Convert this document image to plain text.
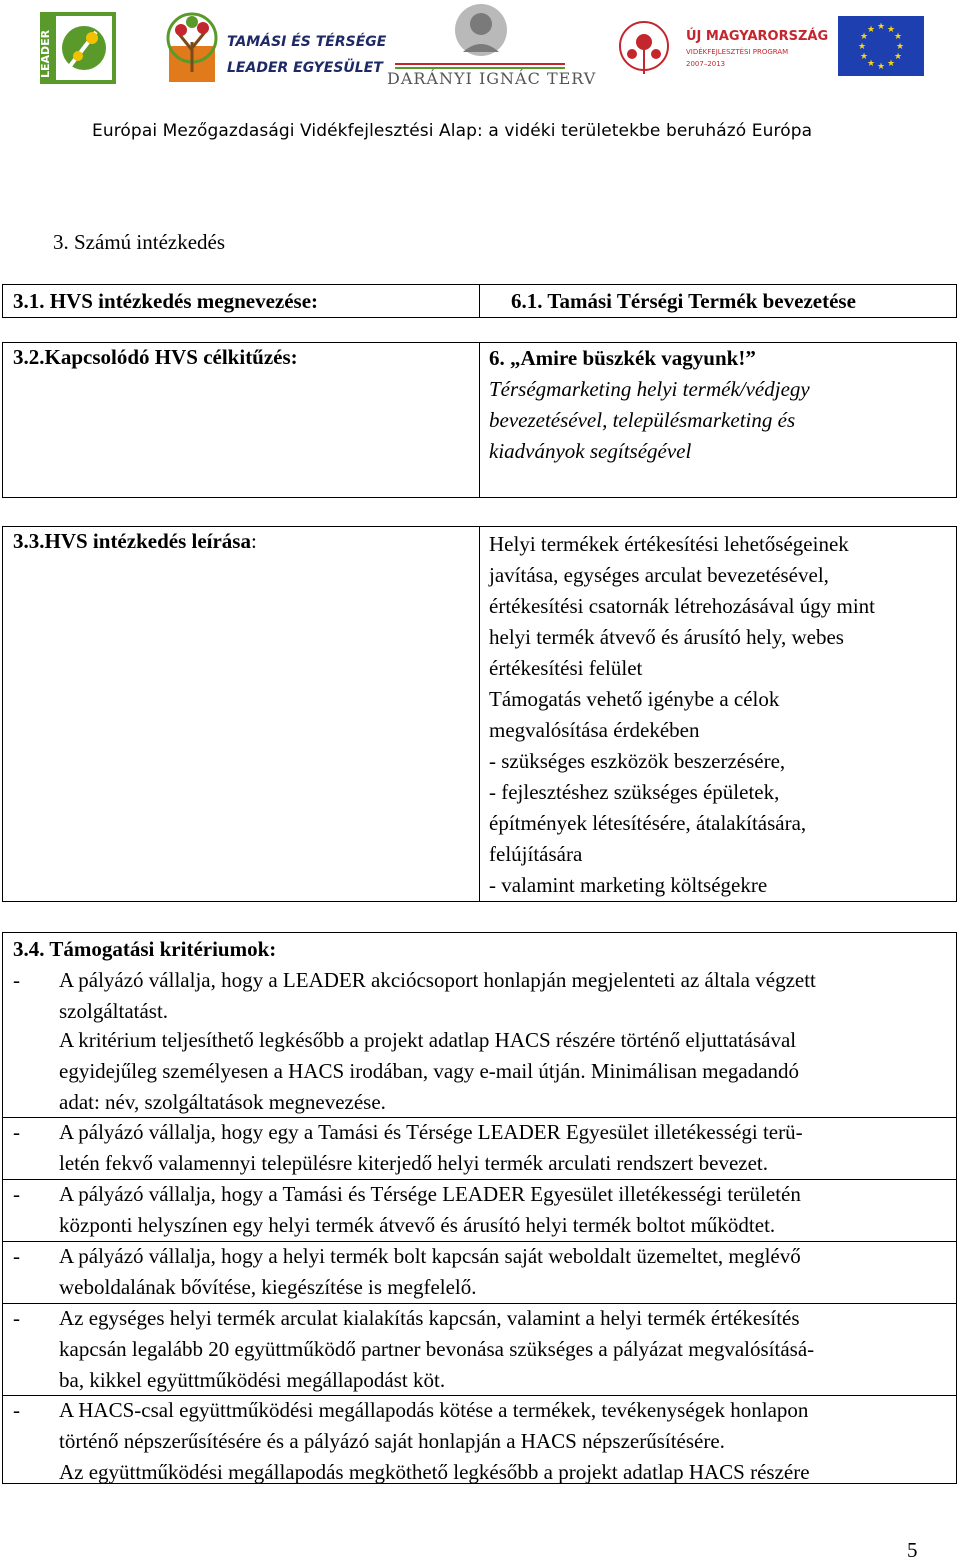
LEADER	TAMÁSI ÉS TÉRSÉGE
LEADER EGYESÜLET
DARÁNYI IGNÁC TERV
ÚJ MAGYARORSZÁG
VIDÉKFEJLESZTÉSI PROGRAM
2007–2013
★ ★
★
★
★
★
★
★
★
★
★
★
Európai Mezőgazdasági Vidékfejlesztési Alap: a vidéki területekbe beruházó Európa
3. Számú intézkedés
3.1. HVS intézkedés megnevezése:	6.1. Tamási Térségi Termék bevezetése
3.2.Kapcsolódó HVS célkitűzés:	6. „Amire büszkék vagyunk!”
Térségmarketing helyi termék/védjegy
bevezetésével, településmarketing és
kiadványok segítségével
3.3.HVS intézkedés leírása:	Helyi termékek értékesítési lehetőségeinek
javítása, egységes arculat bevezetésével,
értékesítési csatornák létrehozásával úgy mint
helyi termék átvevő és árusító hely, webes
értékesítési felület
Támogatás vehető igénybe a célok
megvalósítása érdekében
- szükséges eszközök beszerzésére,
- fejlesztéshez szükséges épületek,
építmények létesítésére, átalakítására,
felújítására
- valamint marketing költségekre
3.4. Támogatási kritériumok:
- A pályázó vállalja, hogy a LEADER akciócsoport honlapján megjelenteti az általa végzett
szolgáltatást.
A kritérium teljesíthető legkésőbb a projekt adatlap HACS részére történő eljuttatásával
egyidejűleg személyesen a HACS irodában, vagy e-mail útján. Minimálisan megadandó
adat: név, szolgáltatások megnevezése.
- A pályázó vállalja, hogy egy a Tamási és Térsége LEADER Egyesület illetékességi terü-
letén fekvő valamennyi településre kiterjedő helyi termék arculati rendszert bevezet.
- A pályázó vállalja, hogy a Tamási és Térsége LEADER Egyesület illetékességi területén
központi helyszínen egy helyi termék átvevő és árusító helyi termék boltot működtet.
- A pályázó vállalja, hogy a helyi termék bolt kapcsán saját weboldalt üzemeltet, meglévő
weboldalának bővítése, kiegészítése is megfelelő.
- Az egységes helyi termék arculat kialakítás kapcsán, valamint a helyi termék értékesítés
kapcsán legalább 20 együttműködő partner bevonása szükséges a pályázat megvalósításá-
ba, kikkel együttműködési megállapodást köt.
- A HACS-csal együttműködési megállapodás kötése a termékek, tevékenységek honlapon
történő népszerűsítésére és a pályázó saját honlapján a HACS népszerűsítésére.
Az együttműködési megállapodás megköthető legkésőbb a projekt adatlap HACS részére
5
